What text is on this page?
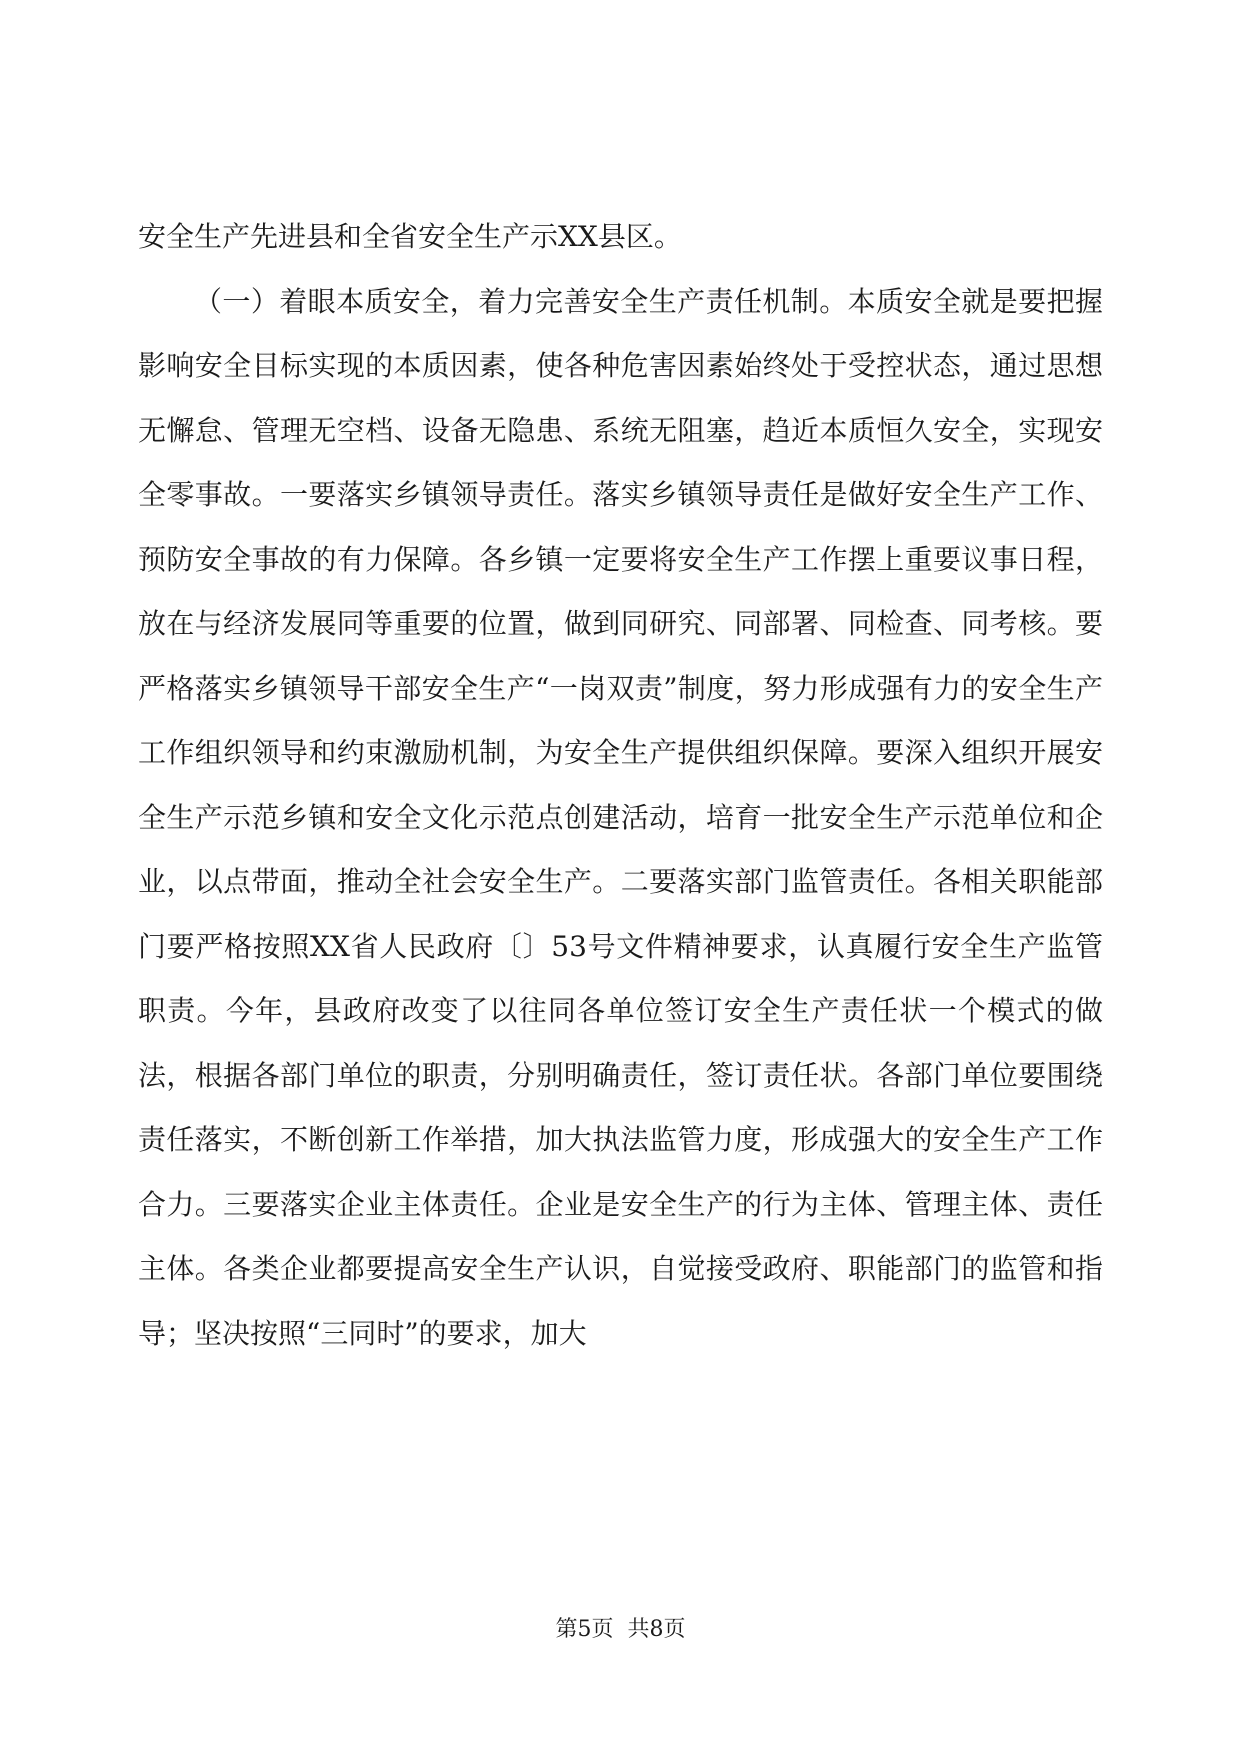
安全生产先进县和全省安全生产示XX县区。

（一）着眼本质安全，着力完善安全生产责任机制。本质安全就是要把握影响安全目标实现的本质因素，使各种危害因素始终处于受控状态，通过思想无懈怠、管理无空档、设备无隐患、系统无阻塞，趋近本质恒久安全，实现安全零事故。一要落实乡镇领导责任。落实乡镇领导责任是做好安全生产工作、预防安全事故的有力保障。各乡镇一定要将安全生产工作摆上重要议事日程，放在与经济发展同等重要的位置，做到同研究、同部署、同检查、同考核。要严格落实乡镇领导干部安全生产“一岗双责”制度，努力形成强有力的安全生产工作组织领导和约束激励机制，为安全生产提供组织保障。要深入组织开展安全生产示范乡镇和安全文化示范点创建活动，培育一批安全生产示范单位和企业，以点带面，推动全社会安全生产。二要落实部门监管责任。各相关职能部门要严格按照XX省人民政府〔〕53号文件精神要求，认真履行安全生产监管职责。今年，县政府改变了以往同各单位签订安全生产责任状一个模式的做法，根据各部门单位的职责，分别明确责任，签订责任状。各部门单位要围绕责任落实，不断创新工作举措，加大执法监管力度，形成强大的安全生产工作合力。三要落实企业主体责任。企业是安全生产的行为主体、管理主体、责任主体。各类企业都要提高安全生产认识，自觉接受政府、职能部门的监管和指导；坚决按照“三同时”的要求，加大

第5页 共8页
